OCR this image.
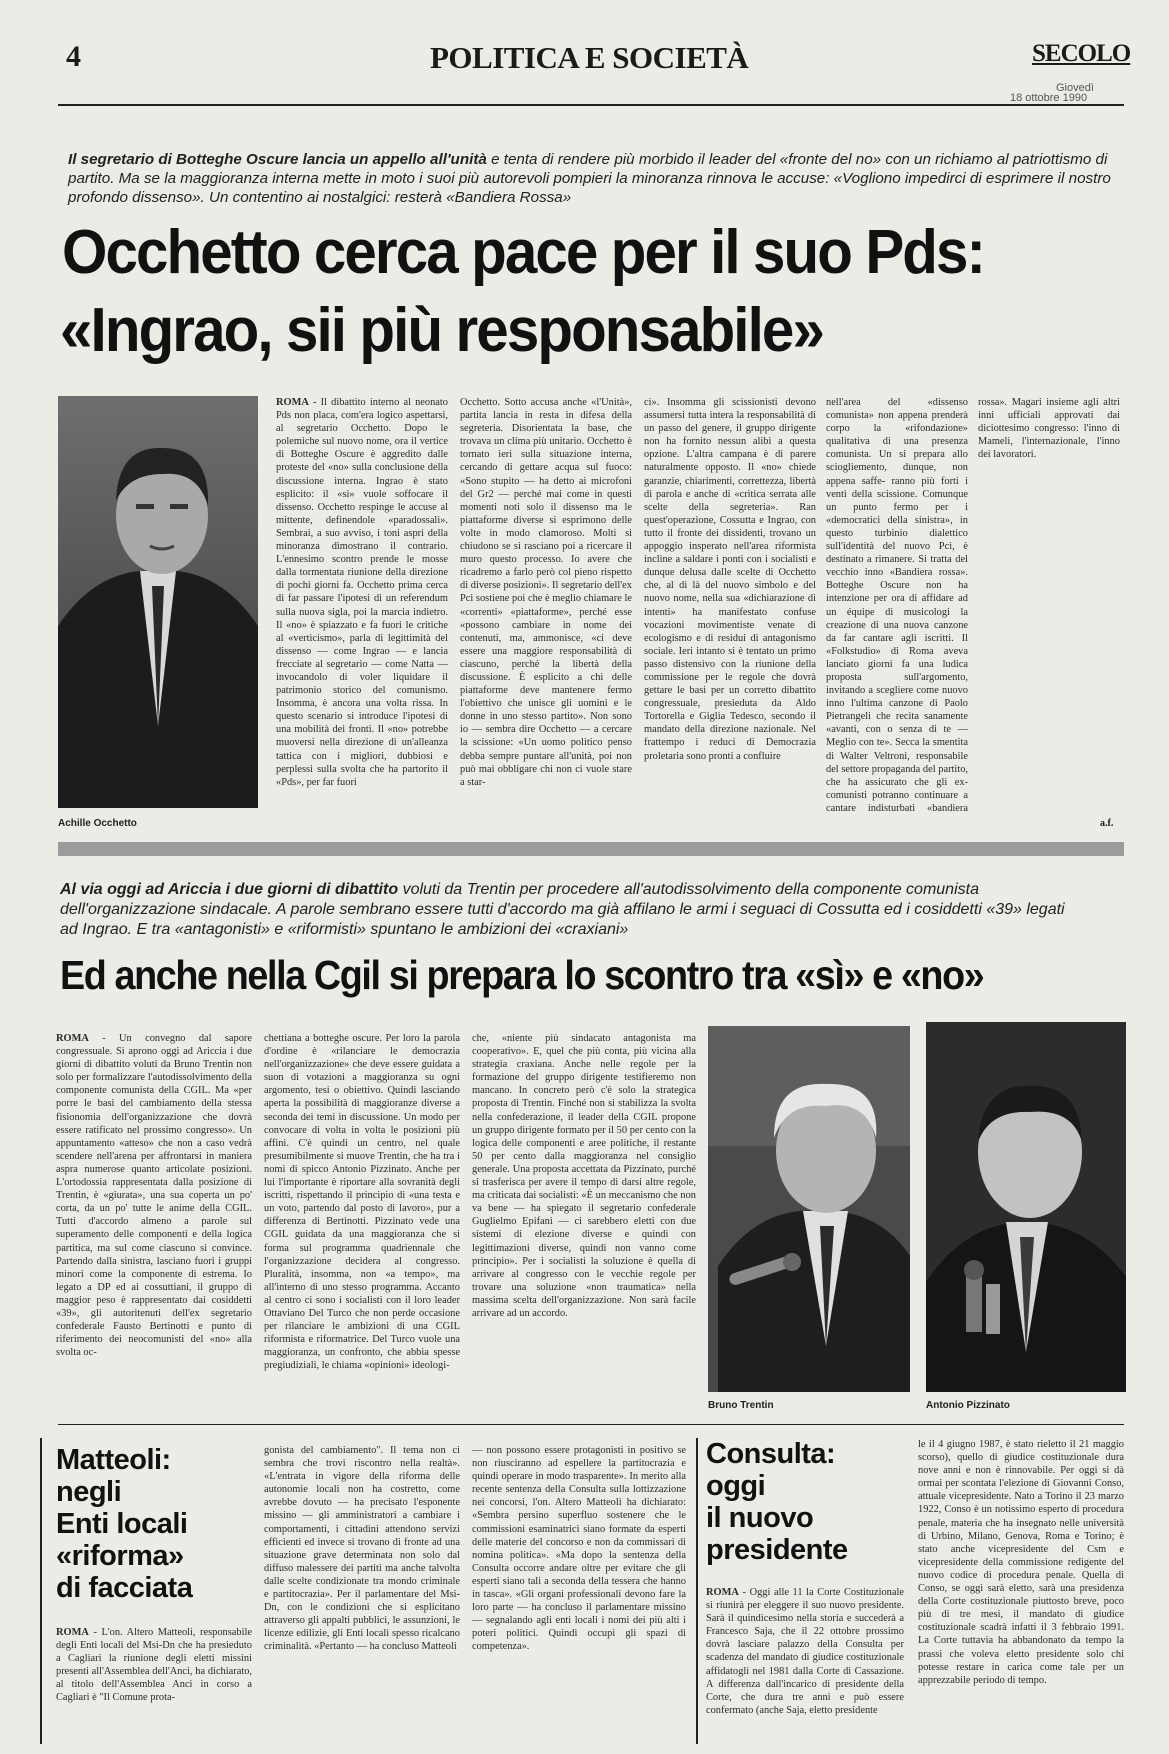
4	POLITICA E SOCIETÀ	SECOLO
Giovedì
18 ottobre 1990
Il segretario di Botteghe Oscure lancia un appello all'unità e tenta di rendere più morbido il leader del «fronte del no» con un richiamo al patriottismo di partito. Ma se la maggioranza interna mette in moto i suoi più autorevoli pompieri la minoranza rinnova le accuse: «Vogliono impedirci di esprimere il nostro profondo dissenso». Un contentino ai nostalgici: resterà «Bandiera Rossa»
Occhetto cerca pace per il suo Pds:
«Ingrao, sii più responsabile»
Achille Occhetto
ROMA - Il dibattito interno al neonato Pds non placa, com'era logico aspettarsi, al segretario Occhetto. Dopo le polemiche sul nuovo nome, ora il vertice di Botteghe Oscure è aggredito dalle proteste del «no» sulla conclusione della discussione interna. Ingrao è stato esplicito: il «sì» vuole soffocare il dissenso. Occhetto respinge le accuse al mittente, definendole «paradossali». Sembrai, a suo avviso, i toni aspri della minoranza dimostrano il contrario. L'ennesimo scontro prende le mosse dalla tormentata riunione della direzione di pochi giorni fa. Occhetto prima cerca di far passare l'ipotesi di un referendum sulla nuova sigla, poi la marcia indietro. Il «no» è spiazzato e fa fuori le critiche al «verticismo», parla di legittimità del dissenso — come Ingrao — e lancia frecciate al segretario — come Natta — invocandolo di voler liquidare il patrimonio storico del comunismo. Insomma, è ancora una volta rissa. In questo scenario si introduce l'ipotesi di una mobilità dei fronti. Il «no» potrebbe muoversi nella direzione di un'alleanza tattica con i migliori, dubbiosi e perplessi sulla svolta che ha partorito il «Pds», per far fuori
Occhetto. Sotto accusa anche «l'Unità», partita lancia in resta in difesa della segreteria. Disorientata la base, che trovava un clima più unitario. Occhetto è tornato ieri sulla situazione interna, cercando di gettare acqua sul fuoco: «Sono stupito — ha detto ai microfoni del Gr2 — perché mai come in questi momenti noti solo il dissenso ma le piattaforme diverse si esprimono delle volte in modo clamoroso. Molti si chiudono se si rasciano poi a ricercare il muro questo processo. Io avere che ricadremo a farlo però col pieno rispetto di diverse posizioni». Il segretario dell'ex Pci sostiene poi che è meglio chiamare le «correnti» «piattaforme», perché esse «possono cambiare in nome dei contenuti, ma, ammonisce, «ci deve essere una maggiore responsabilità di ciascuno, perché la libertà della discussione. È esplicito a chi delle piattaforme deve mantenere fermo l'obiettivo che unisce gli uomini e le donne in uno stesso partito». Non sono io — sembra dire Occhetto — a cercare la scissione: «Un uomo politico penso debba sempre puntare all'unità, poi non può mai obbligare chi non ci vuole stare a star-
ci». Insomma gli scissionisti devono assumersi tutta intera la responsabilità di un passo del genere, il gruppo dirigente non ha fornito nessun alibi a questa opzione. L'altra campana è di parere naturalmente opposto. Il «no» chiede garanzie, chiarimenti, correttezza, libertà di parola e anche di «critica serrata alle scelte della segreteria». Ran quest'operazione, Cossutta e Ingrao, con tutto il fronte dei dissidenti, trovano un appoggio insperato nell'area riformista incline a saldare i ponti con i socialisti e dunque delusa dalle scelte di Occhetto che, al di là del nuovo simbolo e del nuovo nome, nella sua «dichiarazione di intenti» ha manifestato confuse vocazioni movimentiste venate di ecologismo e di residui di antagonismo sociale. Ieri intanto si è tentato un primo passo distensivo con la riunione della commissione per le regole che dovrà gettare le basi per un corretto dibattito congressuale, presieduta da Aldo Tortorella e Giglia Tedesco, secondo il mandato della direzione nazionale. Nel frattempo i reduci di Democrazia proletaria sono pronti a confluire
nell'area del «dissenso comunista» non appena prenderà corpo la «rifondazione» qualitativa di una presenza comunista. Un si prepara allo sciogliemento, dunque, non appena saffe- ranno più forti i venti della scissione. Comunque un punto fermo per i «democratici della sinistra», in questo turbinio dialettico sull'identità del nuovo Pci, è destinato a rimanere. Si tratta del vecchio inno «Bandiera rossa». Botteghe Oscure non ha intenzione per ora di affidare ad un équipe di musicologi la creazione di una nuova canzone da far cantare agli iscritti. Il «Folkstudio» di Roma aveva lanciato giorni fa una ludica proposta sull'argomento, invitando a scegliere come nuovo inno l'ultima canzone di Paolo Pietrangeli che recita sanamente «avanti, con o senza di te — Meglio con te». Secca la smentita di Walter Veltroni, responsabile del settore propaganda del partito, che ha assicurato che gli ex-comunisti potranno continuare a cantare indisturbati «bandiera rossa». Magari insieme agli altri inni ufficiali approvati dai diciottesimo congresso: l'inno di Mameli, l'internazionale, l'inno dei lavoratori.
a.f.
Al via oggi ad Ariccia i due giorni di dibattito voluti da Trentin per procedere all'autodissolvimento della componente comunista dell'organizzazione sindacale. A parole sembrano essere tutti d'accordo ma già affilano le armi i seguaci di Cossutta ed i cosiddetti «39» legati ad Ingrao. E tra «antagonisti» e «riformisti» spuntano le ambizioni dei «craxiani»
Ed anche nella Cgil si prepara lo scontro tra «sì» e «no»
ROMA - Un convegno dal sapore congressuale. Si aprono oggi ad Ariccia i due giorni di dibattito voluti da Bruno Trentin non solo per formalizzare l'autodissolvimento della componente comunista della CGIL. Ma «per porre le basi del cambiamento della stessa fisionomia dell'organizzazione che dovrà essere ratificato nel prossimo congresso». Un appuntamento «atteso» che non a caso vedrà scendere nell'arena per affrontarsi in maniera aspra numerose quanto articolate posizioni. L'ortodossia rappresentata dalla posizione di Trentin, è «giurata», una sua coperta un po' corta, da un po' tutte le anime della CGIL. Tutti d'accordo almeno a parole sul superamento delle componenti e della logica partitica, ma sul come ciascuno si convince. Partendo dalla sinistra, lasciano fuori i gruppi minori come la componente di estrema. Io legato a DP ed ai cossuttiani, il gruppo di maggior peso è rappresentato dai cosiddetti «39», gli autoritenuti dell'ex segretario confederale Fausto Bertinotti e punto di riferimento dei neocomunisti del «no» alla svolta oc-
chettiana a botteghe oscure. Per loro la parola d'ordine è «rilanciare le democrazia nell'organizzazione» che deve essere guidata a suon di votazioni a maggioranza su ogni argomento, tesi o obiettivo. Quindi lasciando aperta la possibilità di maggioranze diverse a seconda dei temi in discussione. Un modo per convocare di volta in volta le posizioni più affini. C'è quindi un centro, nel quale presumibilmente si muove Trentin, che ha tra i nomi di spicco Antonio Pizzinato. Anche per lui l'importante è riportare alla sovranità degli iscritti, rispettando il principio di «una testa e un voto, partendo dal posto di lavoro», pur a differenza di Bertinotti. Pizzinato vede una CGIL guidata da una maggioranza che si forma sul programma quadriennale che l'organizzazione decidera al congresso. Pluralità, insomma, non «a tempo», ma all'interno di uno stesso programma. Accanto al centro ci sono i socialisti con il loro leader Ottaviano Del Turco che non perde occasione per rilanciare le ambizioni di una CGIL riformista e riformatrice. Del Turco vuole una maggioranza, un confronto, che abbia spesse pregiudiziali, le chiama «opinioni» ideologi-
che, «niente più sindacato antagonista ma cooperativo». E, quel che più conta, più vicina alla strategia craxiana. Anche nelle regole per la formazione del gruppo dirigente testifieremo non mancano. In concreto però c'è solo la strategica proposta di Trentin. Finché non si stabilizza la svolta nella confederazione, il leader della CGIL propone un gruppo dirigente formato per il 50 per cento con la logica delle componenti e aree politiche, il restante 50 per cento dalla maggioranza nel consiglio generale. Una proposta accettata da Pizzinato, purché si trasferisca per avere il tempo di darsi altre regole, ma criticata dai socialisti: «È un meccanismo che non va bene — ha spiegato il segretario confederale Guglielmo Epifani — ci sarebbero eletti con due sistemi di elezione diverse e quindi con legittimazioni diverse, quindi non vanno come principio». Per i socialisti la soluzione è quella di arrivare al congresso con le vecchie regole per trovare una soluzione «non traumatica» nella massima scelta dell'organizzazione. Non sarà facile arrivare ad un accordo.
Bruno Trentin	Antonio Pizzinato
Matteoli:
negli
Enti locali
«riforma»
di facciata
ROMA - L'on. Altero Matteoli, responsabile degli Enti locali del Msi-Dn che ha presieduto a Cagliari la riunione degli eletti missini presenti all'Assemblea dell'Anci, ha dichiarato, al titolo dell'Assemblea Anci in corso a Cagliari è "Il Comune prota-
gonista del cambiamento". Il tema non ci sembra che trovi riscontro nella realtà». «L'entrata in vigore della riforma delle autonomie locali non ha costretto, come avrebbe dovuto — ha precisato l'esponente missino — gli amministratori a cambiare i comportamenti, i cittadini attendono servizi efficienti ed invece si trovano di fronte ad una situazione grave determinata non solo dal diffuso malessere dei partiti ma anche talvolta dalle scelte condizionate tra mondo criminale e partitocrazia». Per il parlamentare del Msi-Dn, con le condizioni che si esplicitano attraverso gli appalti pubblici, le assunzioni, le licenze edilizie, gli Enti locali spesso ricalcano criminalità. «Pertanto — ha concluso Matteoli
— non possono essere protagonisti in positivo se non riusciranno ad espellere la partitocrazia e quindi operare in modo trasparente». In merito alla recente sentenza della Consulta sulla lottizzazione nei concorsi, l'on. Altero Matteoli ha dichiarato: «Sembra persino superfluo sostenere che le commissioni esaminatrici siano formate da esperti delle materie del concorso e non da commissari di nomina politica». «Ma dopo la sentenza della Consulta occorre andare oltre per evitare che gli esperti siano tali a seconda della tessera che hanno in tasca». «Gli organi professionali devono fare la loro parte — ha concluso il parlamentare missino — segnalando agli enti locali i nomi dei più alti i poteri politici. Quindi occupi gli spazi di competenza».
Consulta:
oggi
il nuovo
presidente
ROMA - Oggi alle 11 la Corte Costituzionale si riunirà per eleggere il suo nuovo presidente. Sarà il quindicesimo nella storia e succederà a Francesco Saja, che il 22 ottobre prossimo dovrà lasciare palazzo della Consulta per scadenza del mandato di giudice costituzionale affidatogli nel 1981 dalla Corte di Cassazione. A differenza dall'incarico di presidente della Corte, che dura tre anni e può essere confermato (anche Saja, eletto presidente
le il 4 giugno 1987, è stato rieletto il 21 maggio scorso), quello di giudice costituzionale dura nove anni e non è rinnovabile. Per oggi si dà ormai per scontata l'elezione di Giovanni Conso, attuale vicepresidente. Nato a Torino il 23 marzo 1922, Conso è un notissimo esperto di procedura penale, materia che ha insegnato nelle università di Urbino, Milano, Genova, Roma e Torino; è stato anche vicepresidente del Csm e vicepresidente della commissione redigente del nuovo codice di procedura penale. Quella di Conso, se oggi sarà eletto, sarà una presidenza della Corte costituzionale piuttosto breve, poco più di tre mesi, il mandato di giudice costituzionale scadrà infatti il 3 febbraio 1991. La Corte tuttavia ha abbandonato da tempo la prassi che voleva eletto presidente solo chi potesse restare in carica come tale per un apprezzabile periodo di tempo.
